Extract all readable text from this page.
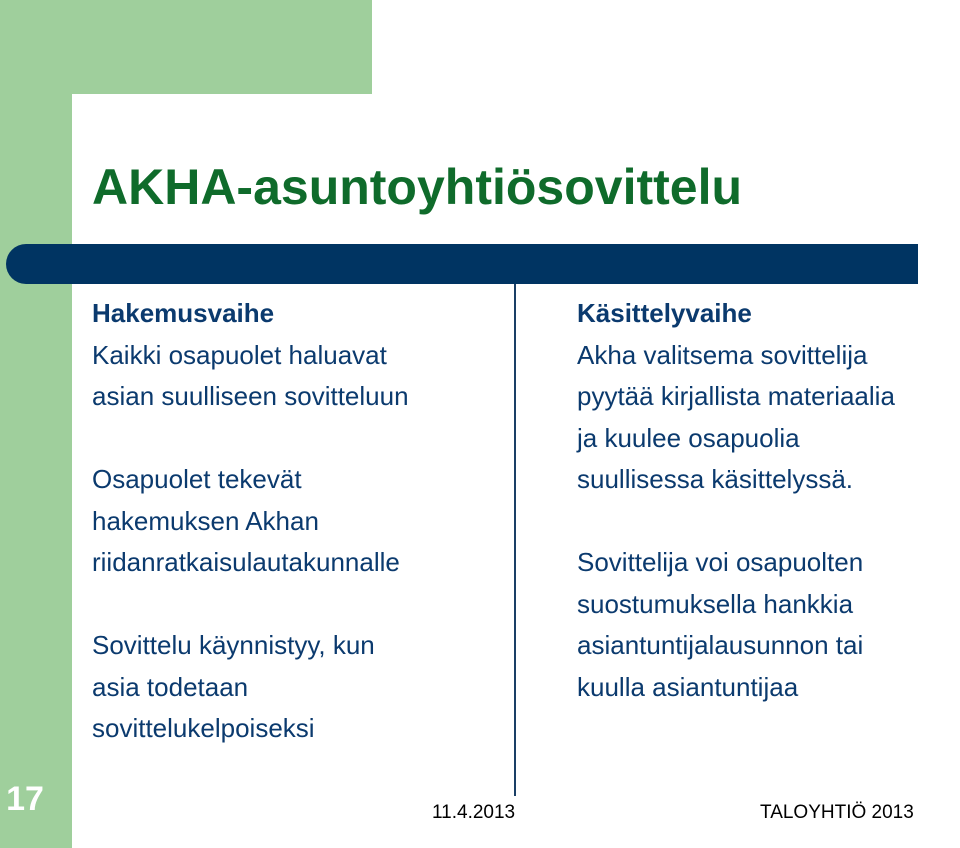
AKHA-asuntoyhtiösovittelu
Hakemusvaihe
Kaikki osapuolet haluavat
asian suulliseen sovitteluun
Osapuolet tekevät
hakemuksen Akhan
riidanratkaisulautakunnalle
Sovittelu käynnistyy, kun
asia todetaan
sovittelukelpoiseksi
Käsittelyvaihe
Akha valitsema sovittelija
pyytää kirjallista materiaalia
ja kuulee osapuolia
suullisessa käsittelyssä.
Sovittelija voi osapuolten
suostumuksella hankkia
asiantuntijalausunnon tai
kuulla asiantuntijaa
17	11.4.2013	TALOYHTIÖ 2013
